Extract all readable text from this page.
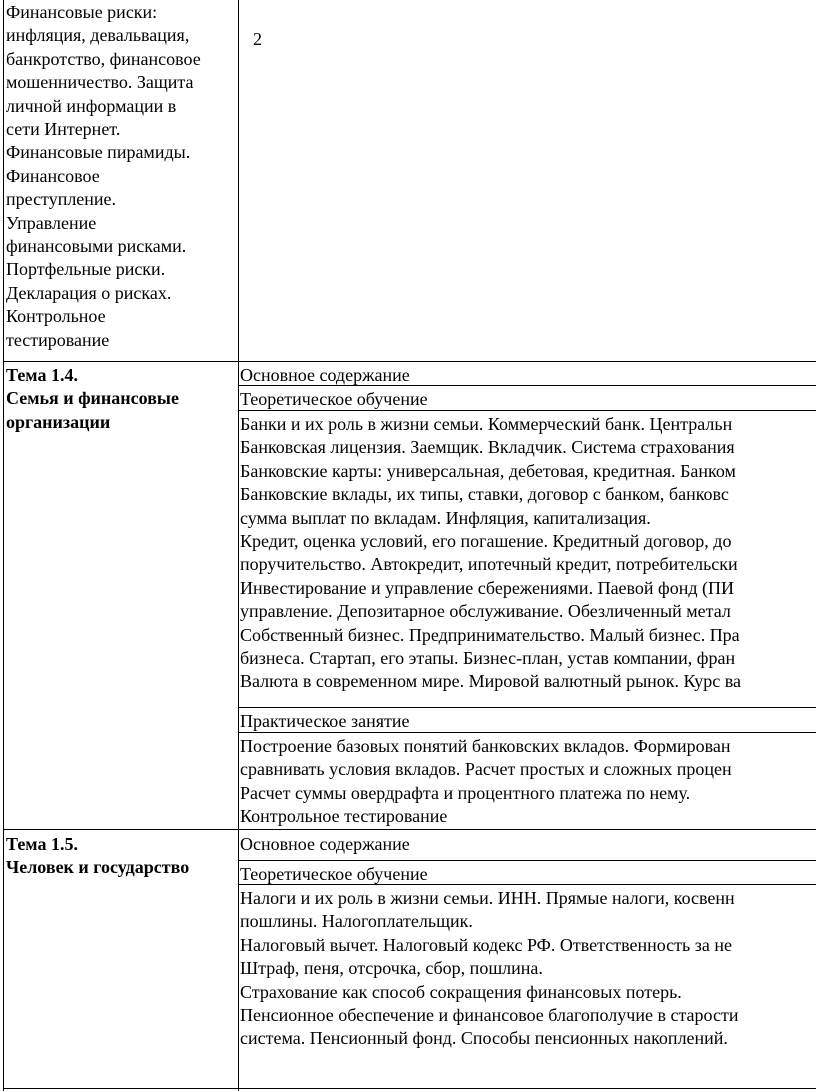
Финансовые риски:
инфляция, девальвация,
банкротство, финансовое
мошенничество. Защита
личной информации в
сети Интернет.
Финансовые пирамиды.
Финансовое
преступление.
Управление
финансовыми рисками.
Портфельные риски.
Декларация о рисках.
Контрольное
тестирование
2
Тема 1.4.
Семья и финансовые
организации
Основное содержание
Теоретическое обучение
Банки и их роль в жизни семьи. Коммерческий банк. Центральн
Банковская лицензия. Заемщик. Вкладчик. Система страхования
Банковские карты: универсальная, дебетовая, кредитная. Банком
Банковские вклады, их типы, ставки, договор с банком, банковс
сумма выплат по вкладам. Инфляция, капитализация.
Кредит, оценка условий, его погашение. Кредитный договор, до
поручительство. Автокредит, ипотечный кредит, потребительски
Инвестирование и управление сбережениями. Паевой фонд (ПИ
управление. Депозитарное обслуживание. Обезличенный метал
Собственный бизнес. Предпринимательство. Малый бизнес. Пра
бизнеса. Стартап, его этапы. Бизнес-план, устав компании, фран
Валюта в современном мире. Мировой валютный рынок. Курс ва
Практическое занятие
Построение базовых понятий банковских вкладов. Формирован
сравнивать условия вкладов. Расчет простых и сложных процен
Расчет суммы овердрафта и процентного платежа по нему.
Контрольное тестирование
Тема 1.5.
Человек и государство
Основное содержание
Теоретическое обучение
Налоги и их роль в жизни семьи. ИНН. Прямые налоги, косвенн
пошлины. Налогоплательщик.
Налоговый вычет. Налоговый кодекс РФ. Ответственность за не
Штраф, пеня, отсрочка, сбор, пошлина.
Страхование как способ сокращения финансовых потерь.
Пенсионное обеспечение и финансовое благополучие в старости
система. Пенсионный фонд. Способы пенсионных накоплений.
